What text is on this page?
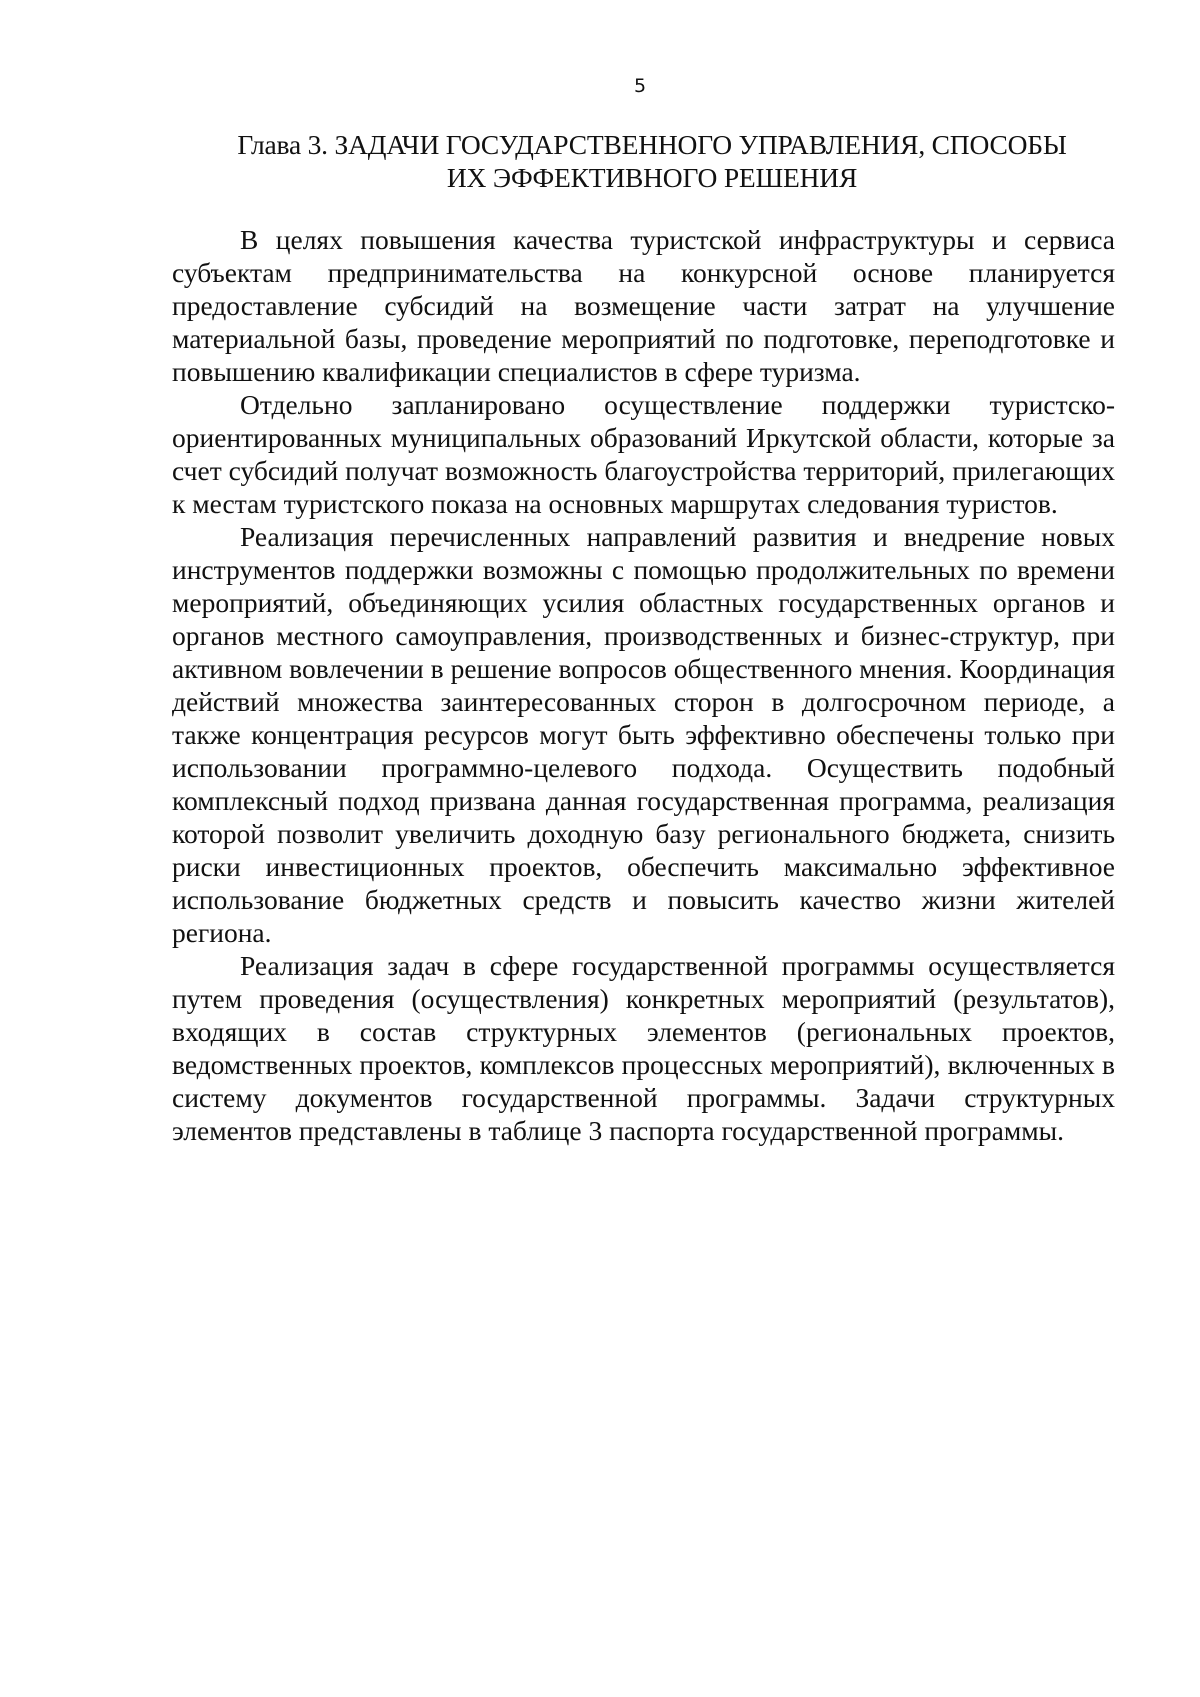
5
Глава 3. ЗАДАЧИ ГОСУДАРСТВЕННОГО УПРАВЛЕНИЯ, СПОСОБЫ
ИХ ЭФФЕКТИВНОГО РЕШЕНИЯ

В целях повышения качества туристской инфраструктуры и сервиса субъектам предпринимательства на конкурсной основе планируется предоставление субсидий на возмещение части затрат на улучшение материальной базы, проведение мероприятий по подготовке, переподготовке и повышению квалификации специалистов в сфере туризма.

Отдельно запланировано осуществление поддержки туристско-ориентированных муниципальных образований Иркутской области, которые за счет субсидий получат возможность благоустройства территорий, прилегающих к местам туристского показа на основных маршрутах следования туристов.

Реализация перечисленных направлений развития и внедрение новых инструментов поддержки возможны с помощью продолжительных по времени мероприятий, объединяющих усилия областных государственных органов и органов местного самоуправления, производственных и бизнес-структур, при активном вовлечении в решение вопросов общественного мнения. Координация действий множества заинтересованных сторон в долгосрочном периоде, а также концентрация ресурсов могут быть эффективно обеспечены только при использовании программно-целевого подхода. Осуществить подобный комплексный подход призвана данная государственная программа, реализация которой позволит увеличить доходную базу регионального бюджета, снизить риски инвестиционных проектов, обеспечить максимально эффективное использование бюджетных средств и повысить качество жизни жителей региона.

Реализация задач в сфере государственной программы осуществляется путем проведения (осуществления) конкретных мероприятий (результатов), входящих в состав структурных элементов (региональных проектов, ведомственных проектов, комплексов процессных мероприятий), включенных в систему документов государственной программы. Задачи структурных элементов представлены в таблице 3 паспорта государственной программы.
